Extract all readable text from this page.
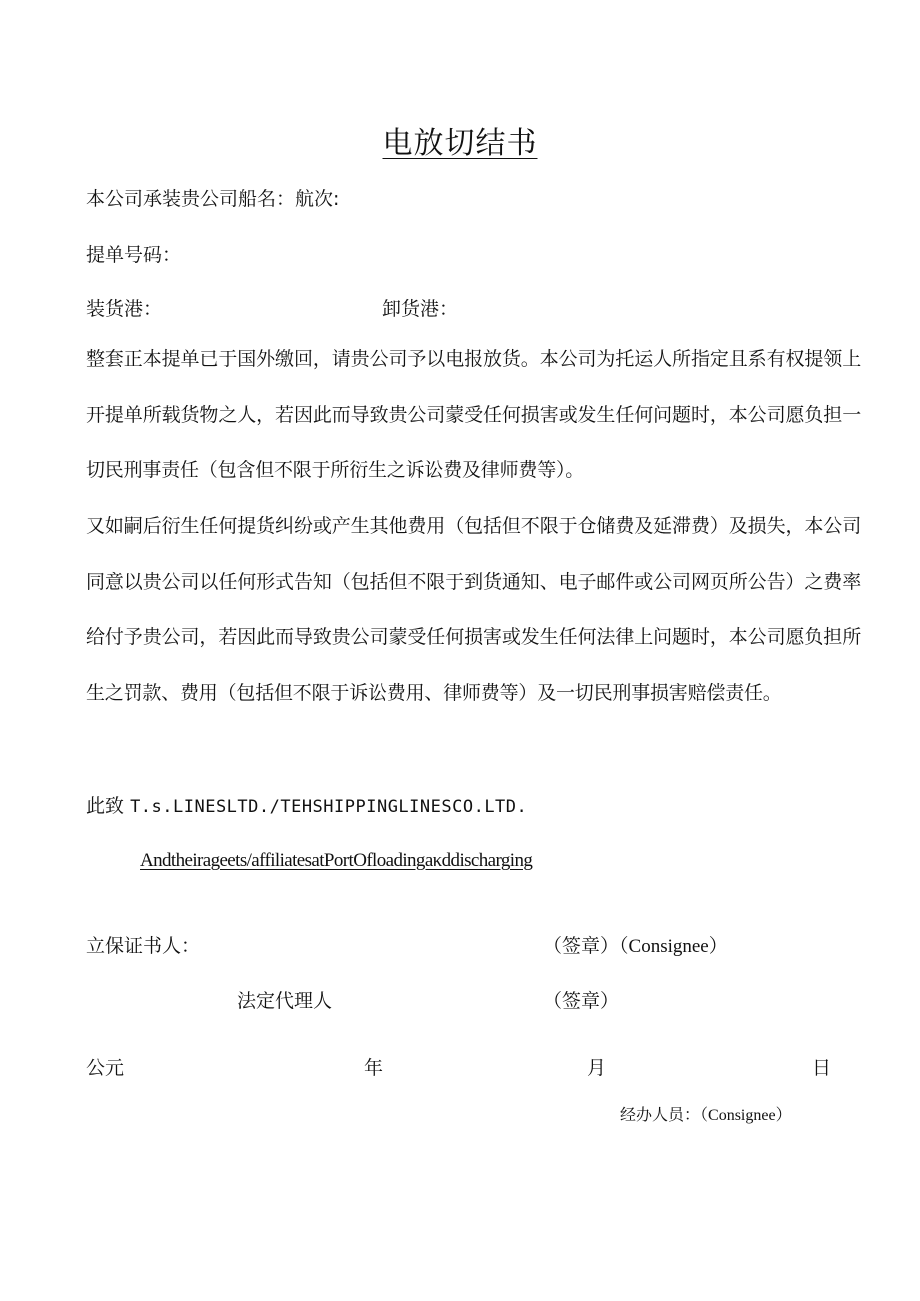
电放切结书
本公司承装贵公司船名：航次:
提单号码：
装货港：	卸货港：
整套正本提单已于国外缴回，请贵公司予以电报放货。本公司为托运人所指定且系有权提领上开提单所载货物之人，若因此而导致贵公司蒙受任何损害或发生任何问题时，本公司愿负担一切民刑事责任（包含但不限于所衍生之诉讼费及律师费等）。
又如嗣后衍生任何提货纠纷或产生其他费用（包括但不限于仓储费及延滞费）及损失，本公司同意以贵公司以任何形式告知（包括但不限于到货通知、电子邮件或公司网页所公告）之费率给付予贵公司，若因此而导致贵公司蒙受任何损害或发生任何法律上问题时，本公司愿负担所生之罚款、费用（包括但不限于诉讼费用、律师费等）及一切民刑事损害赔偿责任。
此致 T.s.LINESLTD./TEHSHIPPINGLINESCO.LTD.
Andtheirageets/affiliatesatPortOfloadingaκddischarging
立保证书人：	（签章）（Consignee）
法定代理人	（签章）
公元	年	月	日
经办人员：（Consignee）
